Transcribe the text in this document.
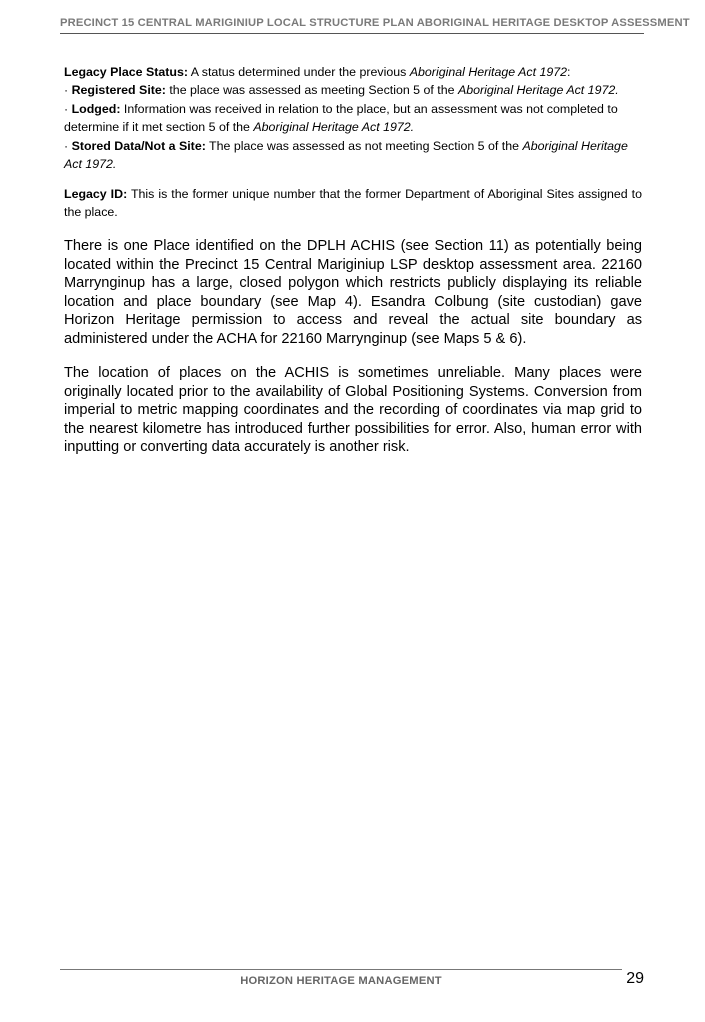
PRECINCT 15 CENTRAL MARIGINIUP LOCAL STRUCTURE PLAN ABORIGINAL HERITAGE DESKTOP ASSESSMENT

Legacy Place Status: A status determined under the previous Aboriginal Heritage Act 1972:

· Registered Site: the place was assessed as meeting Section 5 of the Aboriginal Heritage Act 1972.

· Lodged: Information was received in relation to the place, but an assessment was not completed to determine if it met section 5 of the Aboriginal Heritage Act 1972.

· Stored Data/Not a Site: The place was assessed as not meeting Section 5 of the Aboriginal Heritage Act 1972.

Legacy ID: This is the former unique number that the former Department of Aboriginal Sites assigned to the place.

There is one Place identified on the DPLH ACHIS (see Section 11) as potentially being located within the Precinct 15 Central Mariginiup LSP desktop assessment area. 22160 Marrynginup has a large, closed polygon which restricts publicly displaying its reliable location and place boundary (see Map 4). Esandra Colbung (site custodian) gave Horizon Heritage permission to access and reveal the actual site boundary as administered under the ACHA for 22160 Marrynginup (see Maps 5 & 6).

The location of places on the ACHIS is sometimes unreliable. Many places were originally located prior to the availability of Global Positioning Systems. Conversion from imperial to metric mapping coordinates and the recording of coordinates via map grid to the nearest kilometre has introduced further possibilities for error. Also, human error with inputting or converting data accurately is another risk.

HORIZON HERITAGE MANAGEMENT	29
